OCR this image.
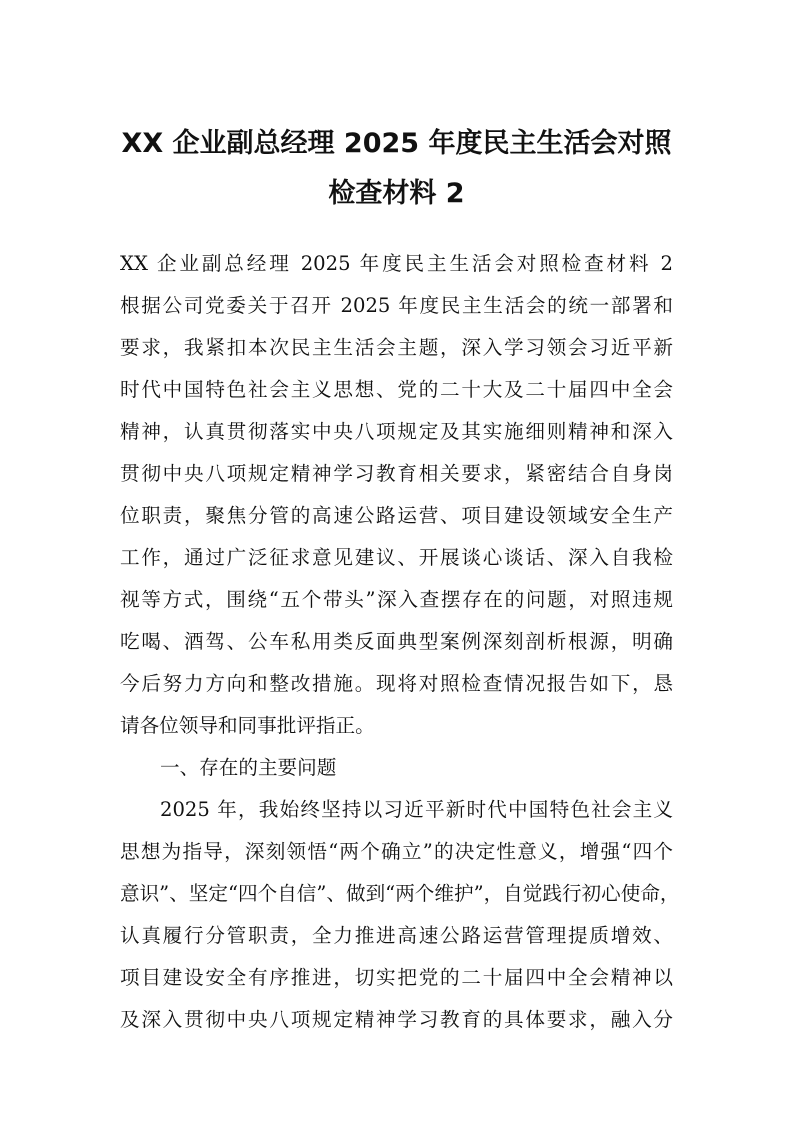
XX 企业副总经理 2025 年度民主生活会对照
检查材料 2
XX 企业副总经理 2025 年度民主生活会对照检查材料 2
根据公司党委关于召开 2025 年度民主生活会的统一部署和
要求，我紧扣本次民主生活会主题，深入学习领会习近平新
时代中国特色社会主义思想、党的二十大及二十届四中全会
精神，认真贯彻落实中央八项规定及其实施细则精神和深入
贯彻中央八项规定精神学习教育相关要求，紧密结合自身岗
位职责，聚焦分管的高速公路运营、项目建设领域安全生产
工作，通过广泛征求意见建议、开展谈心谈话、深入自我检
视等方式，围绕“五个带头”深入查摆存在的问题，对照违规
吃喝、酒驾、公车私用类反面典型案例深刻剖析根源，明确
今后努力方向和整改措施。现将对照检查情况报告如下，恳
请各位领导和同事批评指正。
一、存在的主要问题
2025 年，我始终坚持以习近平新时代中国特色社会主义
思想为指导，深刻领悟“两个确立”的决定性意义，增强“四个
意识”、坚定“四个自信”、做到“两个维护”，自觉践行初心使命，
认真履行分管职责，全力推进高速公路运营管理提质增效、
项目建设安全有序推进，切实把党的二十届四中全会精神以
及深入贯彻中央八项规定精神学习教育的具体要求，融入分
